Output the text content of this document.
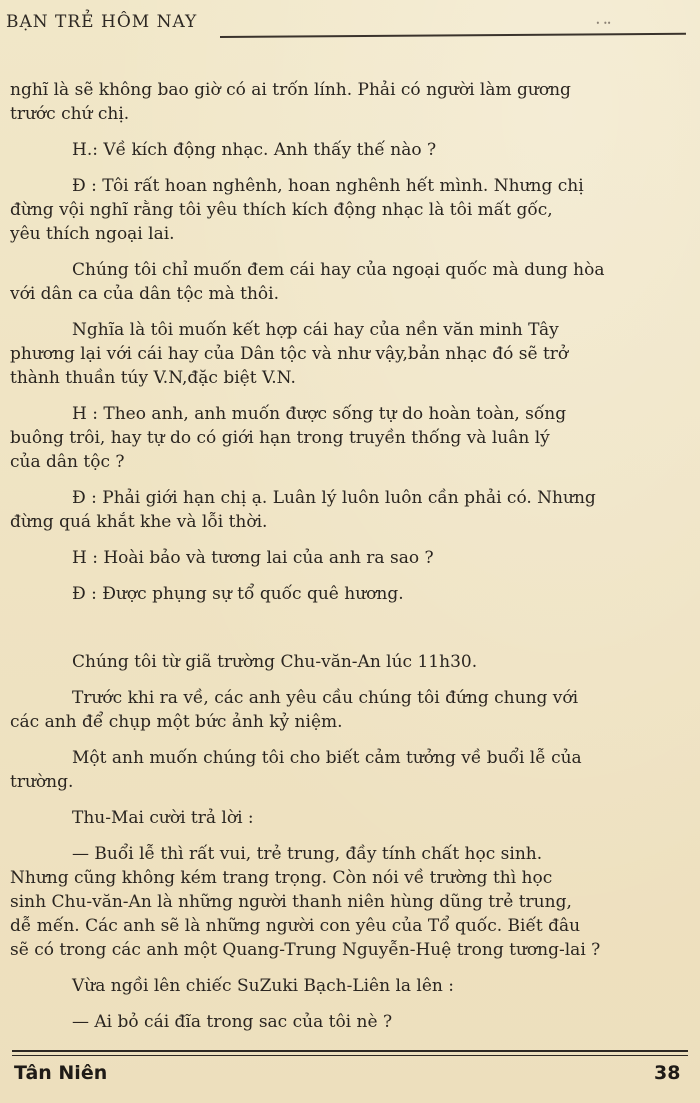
BẠN TRẺ HÔM NAY	ꞏ ꞏꞏ
nghĩ là sẽ không bao giờ có ai trốn lính. Phải có người làm gương
trước chứ chị.
H.: Về kích động nhạc. Anh thấy thế nào ?
Đ : Tôi rất hoan nghênh, hoan nghênh hết mình. Nhưng chị
đừng vội nghĩ rằng tôi yêu thích kích động nhạc là tôi mất gốc,
yêu thích ngoại lai.
Chúng tôi chỉ muốn đem cái hay của ngoại quốc mà dung hòa
với dân ca của dân tộc mà thôi.
Nghĩa là tôi muốn kết hợp cái hay của nền văn minh Tây
phương lại với cái hay của Dân tộc và như vậy,bản nhạc đó sẽ trở
thành thuần túy V.N,đặc biệt V.N.
H : Theo anh, anh muốn được sống tự do hoàn toàn, sống
buông trôi, hay tự do có giới hạn trong truyền thống và luân lý
của dân tộc ?
Đ : Phải giới hạn chị ạ. Luân lý luôn luôn cần phải có. Nhưng
đừng quá khắt khe và lỗi thời.
H : Hoài bảo và tương lai của anh ra sao ?
Đ : Được phụng sự tổ quốc quê hương.
Chúng tôi từ giã trường Chu-văn-An lúc 11h30.
Trước khi ra về, các anh yêu cầu chúng tôi đứng chung với
các anh để chụp một bức ảnh kỷ niệm.
Một anh muốn chúng tôi cho biết cảm tưởng về buổi lễ của
trường.
Thu-Mai cười trả lời :
— Buổi lễ thì rất vui, trẻ trung, đầy tính chất học sinh.
Nhưng cũng không kém trang trọng. Còn nói về trường thì học
sinh Chu-văn-An là những người thanh niên hùng dũng trẻ trung,
dễ mến. Các anh sẽ là những người con yêu của Tổ quốc. Biết đâu
sẽ có trong các anh một Quang-Trung Nguyễn-Huệ trong tương-lai ?
Vừa ngồi lên chiếc SuZuki Bạch-Liên la lên :
— Ai bỏ cái đĩa trong sac của tôi nè ?
Tân Niên	38
